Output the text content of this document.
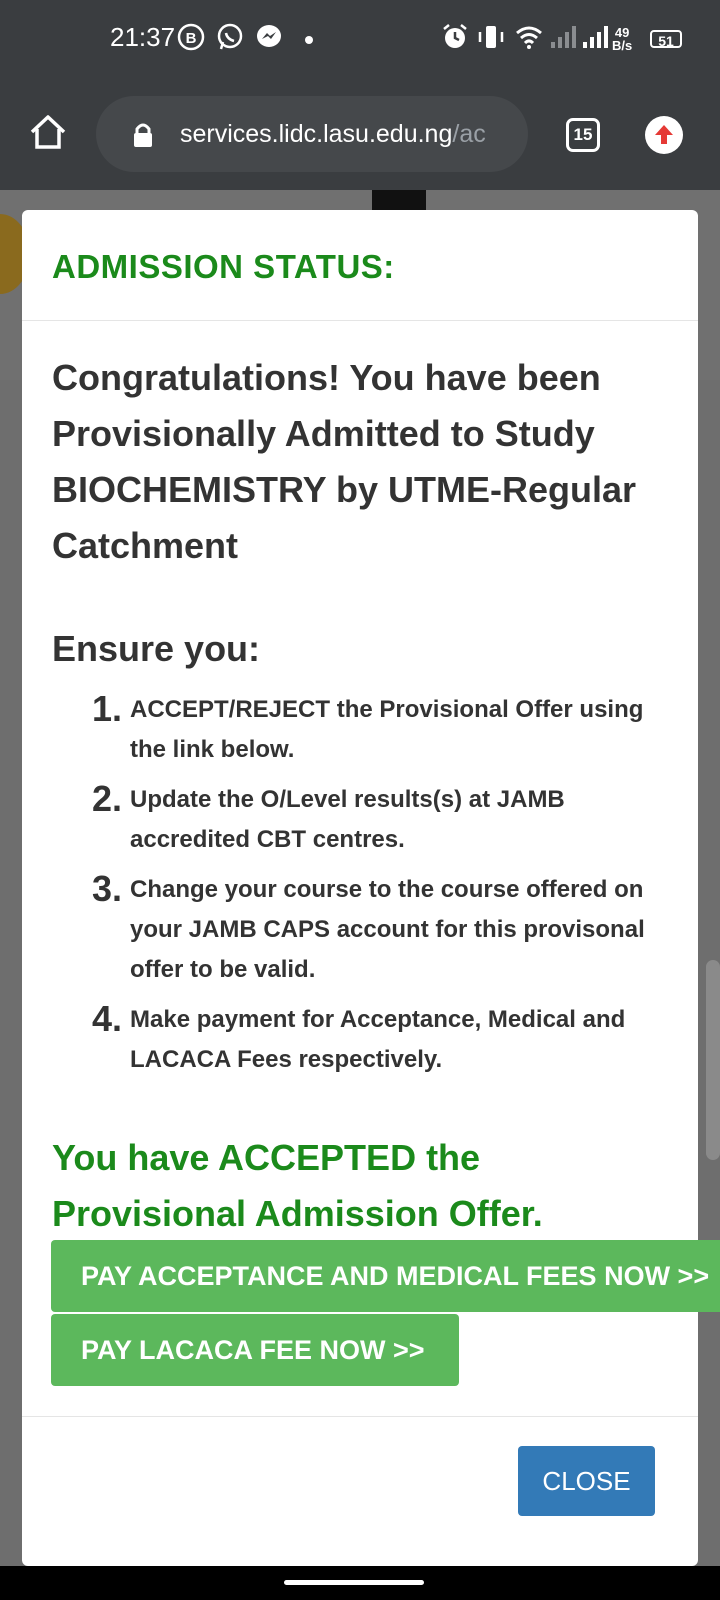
21:37 B	49
B/s	51
services.lidc.lasu.edu.ng/ac	15
ADMISSION STATUS:
Congratulations! You have been Provisionally Admitted to Study BIOCHEMISTRY by UTME-Regular Catchment
Ensure you:
1. ACCEPT/REJECT the Provisional Offer using the link below.
2. Update the O/Level results(s) at JAMB accredited CBT centres.
3. Change your course to the course offered on your JAMB CAPS account for this provisonal offer to be valid.
4. Make payment for Acceptance, Medical and LACACA Fees respectively.
You have ACCEPTED the Provisional Admission Offer.
CLOSE
PAY ACCEPTANCE AND MEDICAL FEES NOW >>
PAY LACACA FEE NOW >>
